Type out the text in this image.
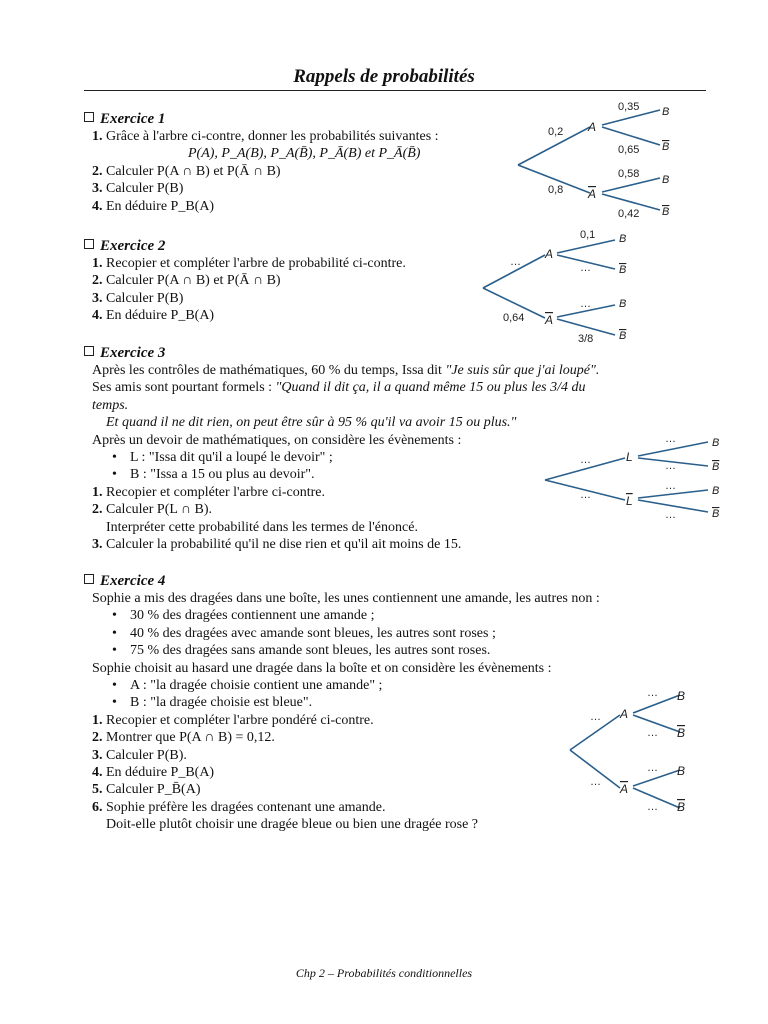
Rappels de probabilités
Exercice 1
1. Grâce à l'arbre ci-contre, donner les probabilités suivantes :
P(A), P_A(B), P_A(B̄), P_Ā(B) et P_Ā(B̄)
2. Calculer P(A ∩ B) et P(Ā ∩ B)
3. Calculer P(B)
4. En déduire P_B(A)
0,2
0,8
A
A
0,35
0,65
0,58
0,42
B
B
B
B
Exercice 2
1. Recopier et compléter l'arbre de probabilité ci-contre.
2. Calculer P(A ∩ B) et P(Ā ∩ B)
3. Calculer P(B)
4. En déduire P_B(A)
…
0,64
A
A
0,1
…
…
3/8
B
B
B
B
Exercice 3
Après les contrôles de mathématiques, 60 % du temps, Issa dit "Je suis sûr que j'ai loupé".
Ses amis sont pourtant formels : "Quand il dit ça, il a quand même 15 ou plus les 3/4 du
temps.
Et quand il ne dit rien, on peut être sûr à 95 % qu'il va avoir 15 ou plus."
Après un devoir de mathématiques, on considère les évènements :
• L : "Issa dit qu'il a loupé le devoir" ;
• B : "Issa a 15 ou plus au devoir".
1. Recopier et compléter l'arbre ci-contre.
2. Calculer P(L ∩ B).
Interpréter cette probabilité dans les termes de l'énoncé.
3. Calculer la probabilité qu'il ne dise rien et qu'il ait moins de 15.
…
…
L
L
…
…
…
…
B
B
B
B
Exercice 4
Sophie a mis des dragées dans une boîte, les unes contiennent une amande, les autres non :
• 30 % des dragées contiennent une amande ;
• 40 % des dragées avec amande sont bleues, les autres sont roses ;
• 75 % des dragées sans amande sont bleues, les autres sont roses.
Sophie choisit au hasard une dragée dans la boîte et on considère les évènements :
• A : "la dragée choisie contient une amande" ;
• B : "la dragée choisie est bleue".
1. Recopier et compléter l'arbre pondéré ci-contre.
2. Montrer que P(A ∩ B) = 0,12.
3. Calculer P(B).
4. En déduire P_B(A)
5. Calculer P_B̄(A)
6. Sophie préfère les dragées contenant une amande.
Doit-elle plutôt choisir une dragée bleue ou bien une dragée rose ?
…
…
A
A
…
…
…
…
B
B
B
B
Chp 2 – Probabilités conditionnelles
